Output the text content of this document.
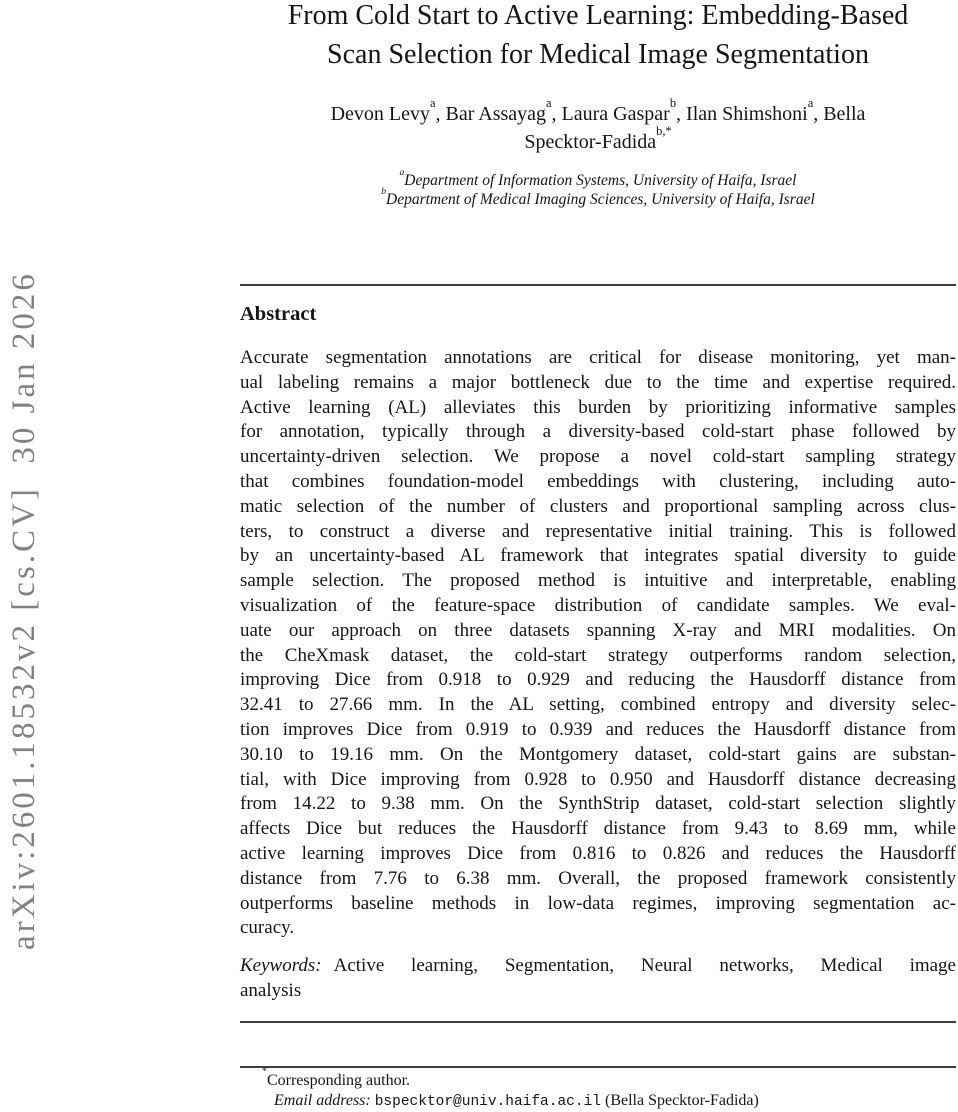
arXiv:2601.18532v2 [cs.CV]  30 Jan 2026
From Cold Start to Active Learning: Embedding-Based
Scan Selection for Medical Image Segmentation
Devon Levy$^a$, Bar Assayag$^a$, Laura Gaspar$^b$, Ilan Shimshoni$^a$, Bella
Specktor-Fadida$^{b,*}$
$^a$Department of Information Systems, University of Haifa, Israel
$^b$Department of Medical Imaging Sciences, University of Haifa, Israel
Abstract
Accurate segmentation annotations are critical for disease monitoring, yet man-
ual labeling remains a major bottleneck due to the time and expertise required.
Active learning (AL) alleviates this burden by prioritizing informative samples
for annotation, typically through a diversity-based cold-start phase followed by
uncertainty-driven selection. We propose a novel cold-start sampling strategy
that combines foundation-model embeddings with clustering, including auto-
matic selection of the number of clusters and proportional sampling across clus-
ters, to construct a diverse and representative initial training. This is followed
by an uncertainty-based AL framework that integrates spatial diversity to guide
sample selection. The proposed method is intuitive and interpretable, enabling
visualization of the feature-space distribution of candidate samples. We eval-
uate our approach on three datasets spanning X-ray and MRI modalities. On
the CheXmask dataset, the cold-start strategy outperforms random selection,
improving Dice from 0.918 to 0.929 and reducing the Hausdorff distance from
32.41 to 27.66 mm. In the AL setting, combined entropy and diversity selec-
tion improves Dice from 0.919 to 0.939 and reduces the Hausdorff distance from
30.10 to 19.16 mm. On the Montgomery dataset, cold-start gains are substan-
tial, with Dice improving from 0.928 to 0.950 and Hausdorff distance decreasing
from 14.22 to 9.38 mm. On the SynthStrip dataset, cold-start selection slightly
affects Dice but reduces the Hausdorff distance from 9.43 to 8.69 mm, while
active learning improves Dice from 0.816 to 0.826 and reduces the Hausdorff
distance from 7.76 to 6.38 mm. Overall, the proposed framework consistently
outperforms baseline methods in low-data regimes, improving segmentation ac-
curacy.
Keywords: Active learning, Segmentation, Neural networks, Medical image
analysis
*Corresponding author.
Email address: bspecktor@univ.haifa.ac.il (Bella Specktor-Fadida)
